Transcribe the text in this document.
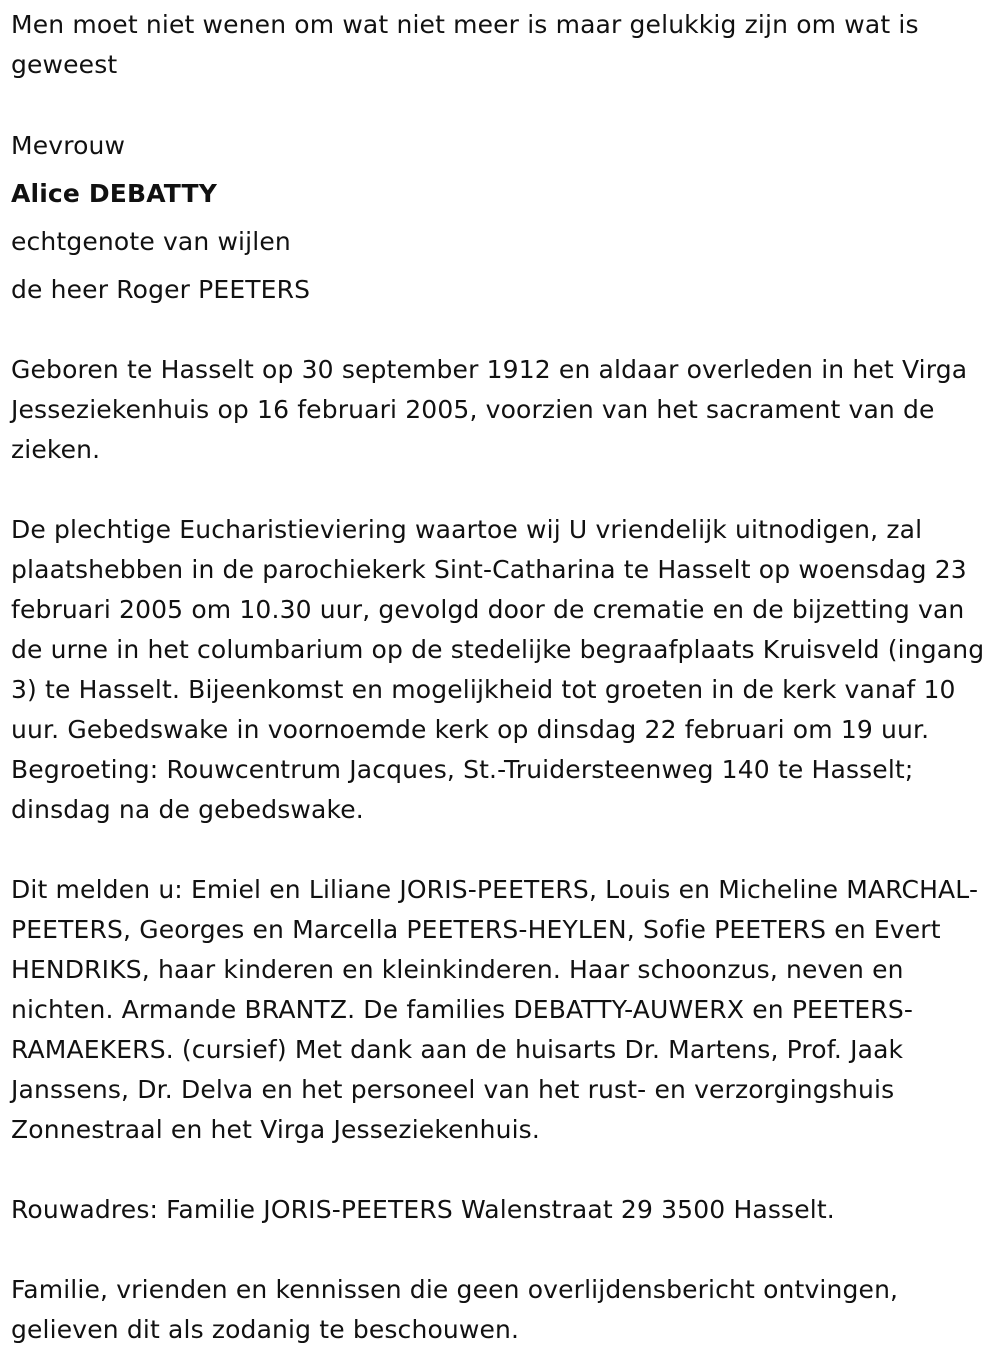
Men moet niet wenen om wat niet meer is maar gelukkig zijn om wat is geweest

Mevrouw

Alice DEBATTY

echtgenote van wijlen

de heer Roger PEETERS

Geboren te Hasselt op 30 september 1912 en aldaar overleden in het Virga Jesseziekenhuis op 16 februari 2005, voorzien van het sacrament van de zieken.

De plechtige Eucharistieviering waartoe wij U vriendelijk uitnodigen, zal plaatshebben in de parochiekerk Sint-Catharina te Hasselt op woensdag 23 februari 2005 om 10.30 uur, gevolgd door de crematie en de bijzetting van de urne in het columbarium op de stedelijke begraafplaats Kruisveld (ingang 3) te Hasselt. Bijeenkomst en mogelijkheid tot groeten in de kerk vanaf 10 uur. Gebedswake in voornoemde kerk op dinsdag 22 februari om 19 uur. Begroeting: Rouwcentrum Jacques, St.-Truidersteenweg 140 te Hasselt; dinsdag na de gebedswake.

Dit melden u: Emiel en Liliane JORIS-PEETERS, Louis en Micheline MARCHAL-PEETERS, Georges en Marcella PEETERS-HEYLEN, Sofie PEETERS en Evert HENDRIKS, haar kinderen en kleinkinderen. Haar schoonzus, neven en nichten. Armande BRANTZ. De families DEBATTY-AUWERX en PEETERS-RAMAEKERS. (cursief) Met dank aan de huisarts Dr. Martens, Prof. Jaak Janssens, Dr. Delva en het personeel van het rust- en verzorgingshuis Zonnestraal en het Virga Jesseziekenhuis.

Rouwadres: Familie JORIS-PEETERS Walenstraat 29 3500 Hasselt.

Familie, vrienden en kennissen die geen overlijdensbericht ontvingen, gelieven dit als zodanig te beschouwen.
